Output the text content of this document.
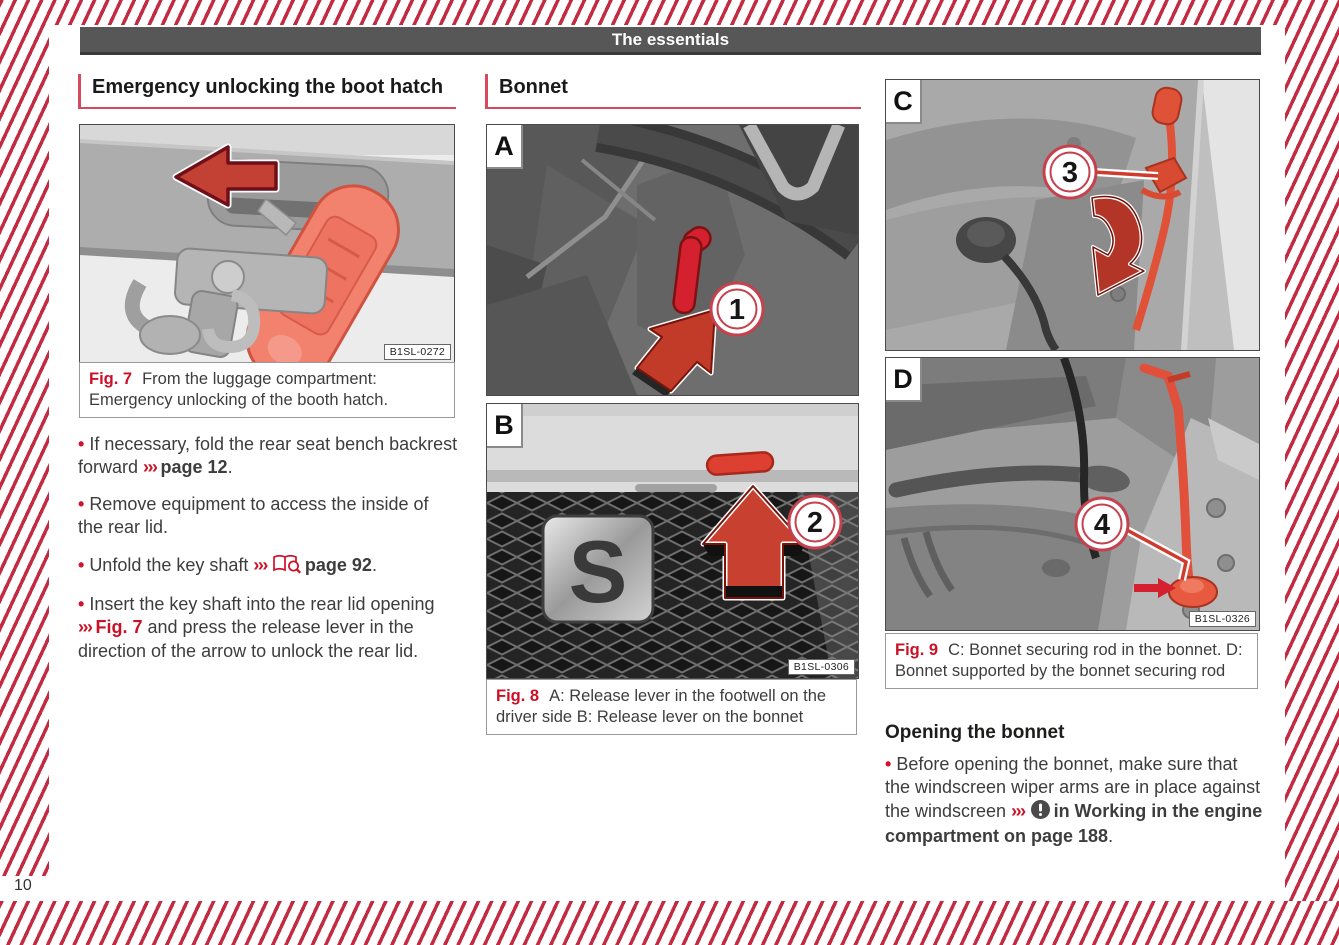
The essentials
Emergency unlocking the boot hatch
B1SL-0272
Fig. 7 From the luggage compartment: Emergency unlocking of the booth hatch.

• If necessary, fold the rear seat bench backrest forward ››› page 12.

• Remove equipment to access the inside of the rear lid.

• Unfold the key shaft ››› page 92.

• Insert the key shaft into the rear lid opening ››› Fig. 7 and press the release lever in the direction of the arrow to unlock the rear lid.

Bonnet
1
A
S	2
B
B1SL-0306
Fig. 8 A: Release lever in the footwell on the driver side B: Release lever on the bonnet
3
C
4
D
B1SL-0326
Fig. 9 C: Bonnet securing rod in the bonnet. D: Bonnet supported by the bonnet securing rod
Opening the bonnet

• Before opening the bonnet, make sure that the windscreen wiper arms are in place against the windscreen ››› in Working in the engine compartment on page 188.

10
